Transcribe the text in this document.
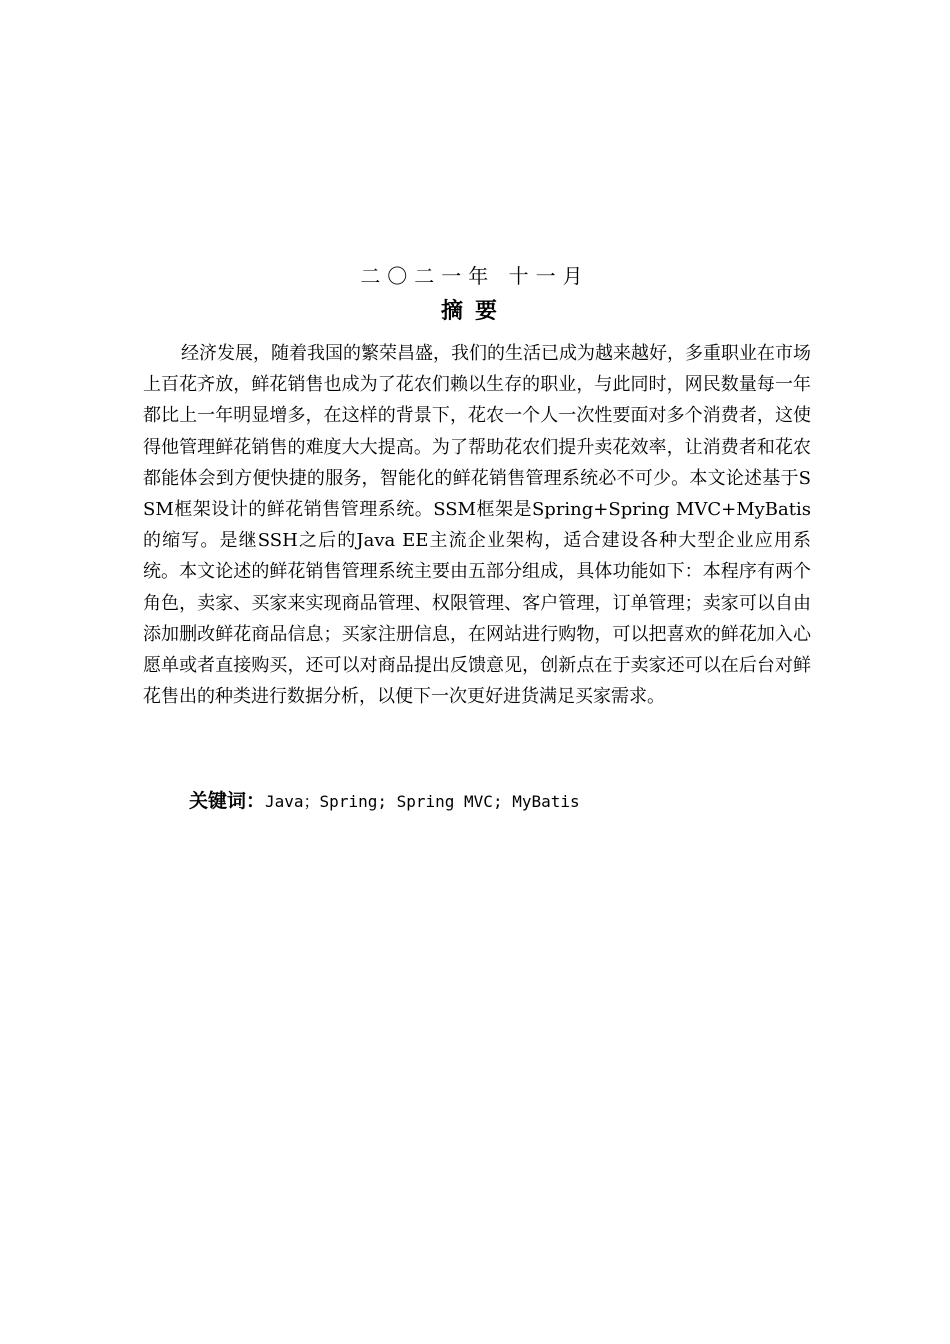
二〇二一年 十一月
摘要

经济发展，随着我国的繁荣昌盛，我们的生活已成为越来越好，多重职业在市场上百花齐放，鲜花销售也成为了花农们赖以生存的职业，与此同时，网民数量每一年都比上一年明显增多，在这样的背景下，花农一个人一次性要面对多个消费者，这使得他管理鲜花销售的难度大大提高。为了帮助花农们提升卖花效率，让消费者和花农都能体会到方便快捷的服务，智能化的鲜花销售管理系统必不可少。本文论述基于SSM框架设计的鲜花销售管理系统。SSM框架是Spring+Spring MVC+MyBatis的缩写。是继SSH之后的Java EE主流企业架构，适合建设各种大型企业应用系统。本文论述的鲜花销售管理系统主要由五部分组成，具体功能如下：本程序有两个角色，卖家、买家来实现商品管理、权限管理、客户管理，订单管理；卖家可以自由添加删改鲜花商品信息；买家注册信息，在网站进行购物，可以把喜欢的鲜花加入心愿单或者直接购买，还可以对商品提出反馈意见，创新点在于卖家还可以在后台对鲜花售出的种类进行数据分析，以便下一次更好进货满足买家需求。

关键词：Java；Spring; Spring MVC; MyBatis
